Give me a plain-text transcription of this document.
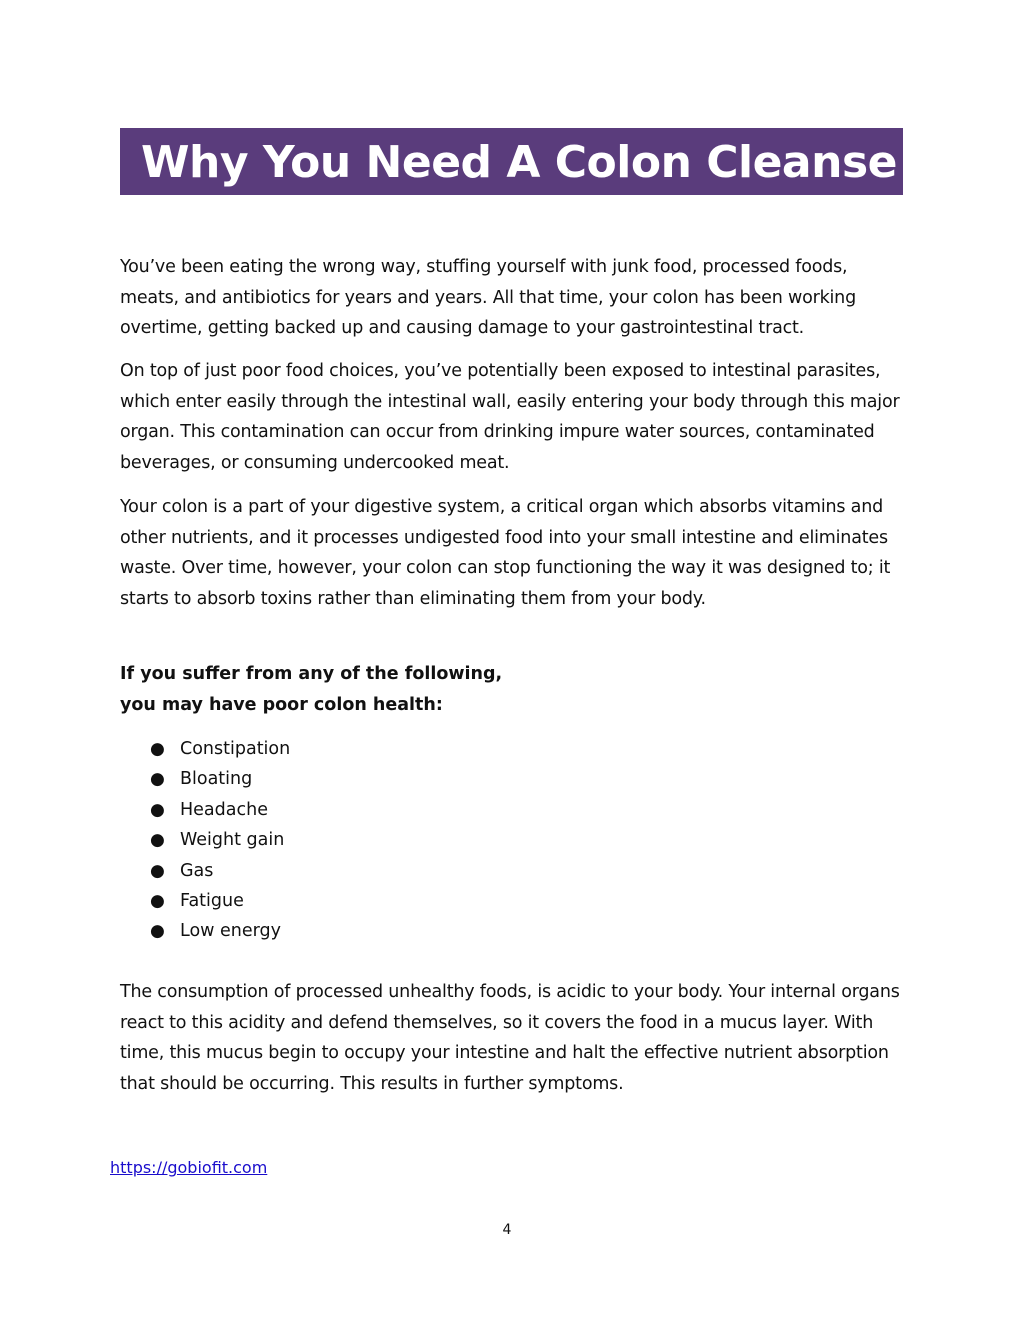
Why You Need A Colon Cleanse

You’ve been eating the wrong way, stuffing yourself with junk food, processed foods, meats, and antibiotics for years and years. All that time, your colon has been working overtime, getting backed up and causing damage to your gastrointestinal tract.

On top of just poor food choices, you’ve potentially been exposed to intestinal parasites, which enter easily through the intestinal wall, easily entering your body through this major organ. This contamination can occur from drinking impure water sources, contaminated beverages, or consuming undercooked meat.

Your colon is a part of your digestive system, a critical organ which absorbs vitamins and other nutrients, and it processes undigested food into your small intestine and eliminates waste. Over time, however, your colon can stop functioning the way it was designed to; it starts to absorb toxins rather than eliminating them from your body.

If you suffer from any of the following,
you may have poor colon health:

● Constipation
● Bloating
● Headache
● Weight gain
● Gas
● Fatigue
● Low energy

The consumption of processed unhealthy foods, is acidic to your body. Your internal organs react to this acidity and defend themselves, so it covers the food in a mucus layer. With time, this mucus begin to occupy your intestine and halt the effective nutrient absorption that should be occurring. This results in further symptoms.

https://gobiofit.com
4
